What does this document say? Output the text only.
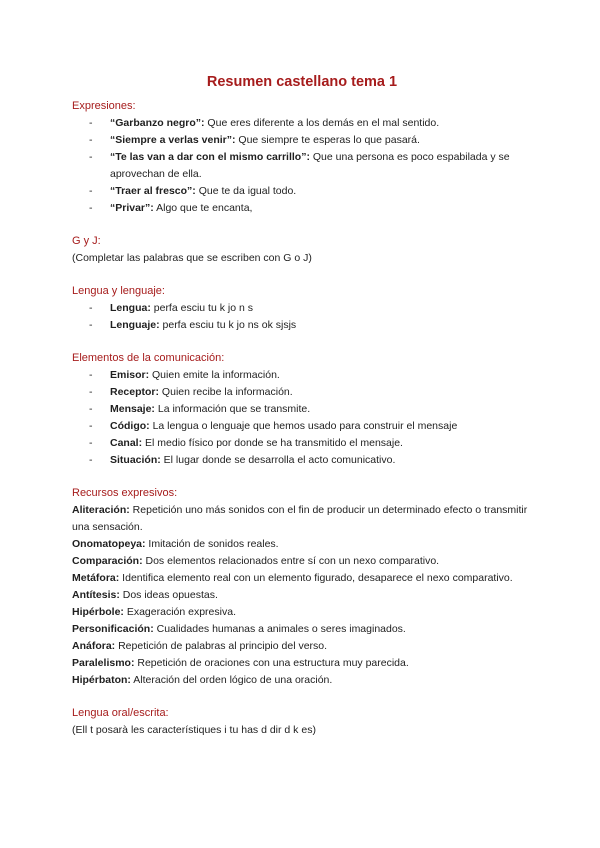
Resumen castellano tema 1

Expresiones:

- “Garbanzo negro”: Que eres diferente a los demás en el mal sentido.
- “Siempre a verlas venir”: Que siempre te esperas lo que pasará.
- “Te las van a dar con el mismo carrillo”: Que una persona es poco espabilada y se aprovechan de ella.
- “Traer al fresco”: Que te da igual todo.
- “Privar”: Algo que te encanta,

G y J:

(Completar las palabras que se escriben con G o J)

Lengua y lenguaje:

- Lengua: perfa esciu tu k jo n s
- Lenguaje: perfa esciu tu k jo ns ok sjsjs

Elementos de la comunicación:

- Emisor: Quien emite la información.
- Receptor: Quien recibe la información.
- Mensaje: La información que se transmite.
- Código: La lengua o lenguaje que hemos usado para construir el mensaje
- Canal: El medio físico por donde se ha transmitido el mensaje.
- Situación: El lugar donde se desarrolla el acto comunicativo.

Recursos expresivos:

Aliteración: Repetición uno más sonidos con el fin de producir un determinado efecto o transmitir una sensación.

Onomatopeya: Imitación de sonidos reales.

Comparación: Dos elementos relacionados entre sí con un nexo comparativo.

Metáfora: Identifica elemento real con un elemento figurado, desaparece el nexo comparativo.

Antítesis: Dos ideas opuestas.

Hipérbole: Exageración expresiva.

Personificación: Cualidades humanas a animales o seres imaginados.

Anáfora: Repetición de palabras al principio del verso.

Paralelismo: Repetición de oraciones con una estructura muy parecida.

Hipérbaton: Alteración del orden lógico de una oración.

Lengua oral/escrita:

(Ell t posarà les característiques i tu has d dir d k es)
